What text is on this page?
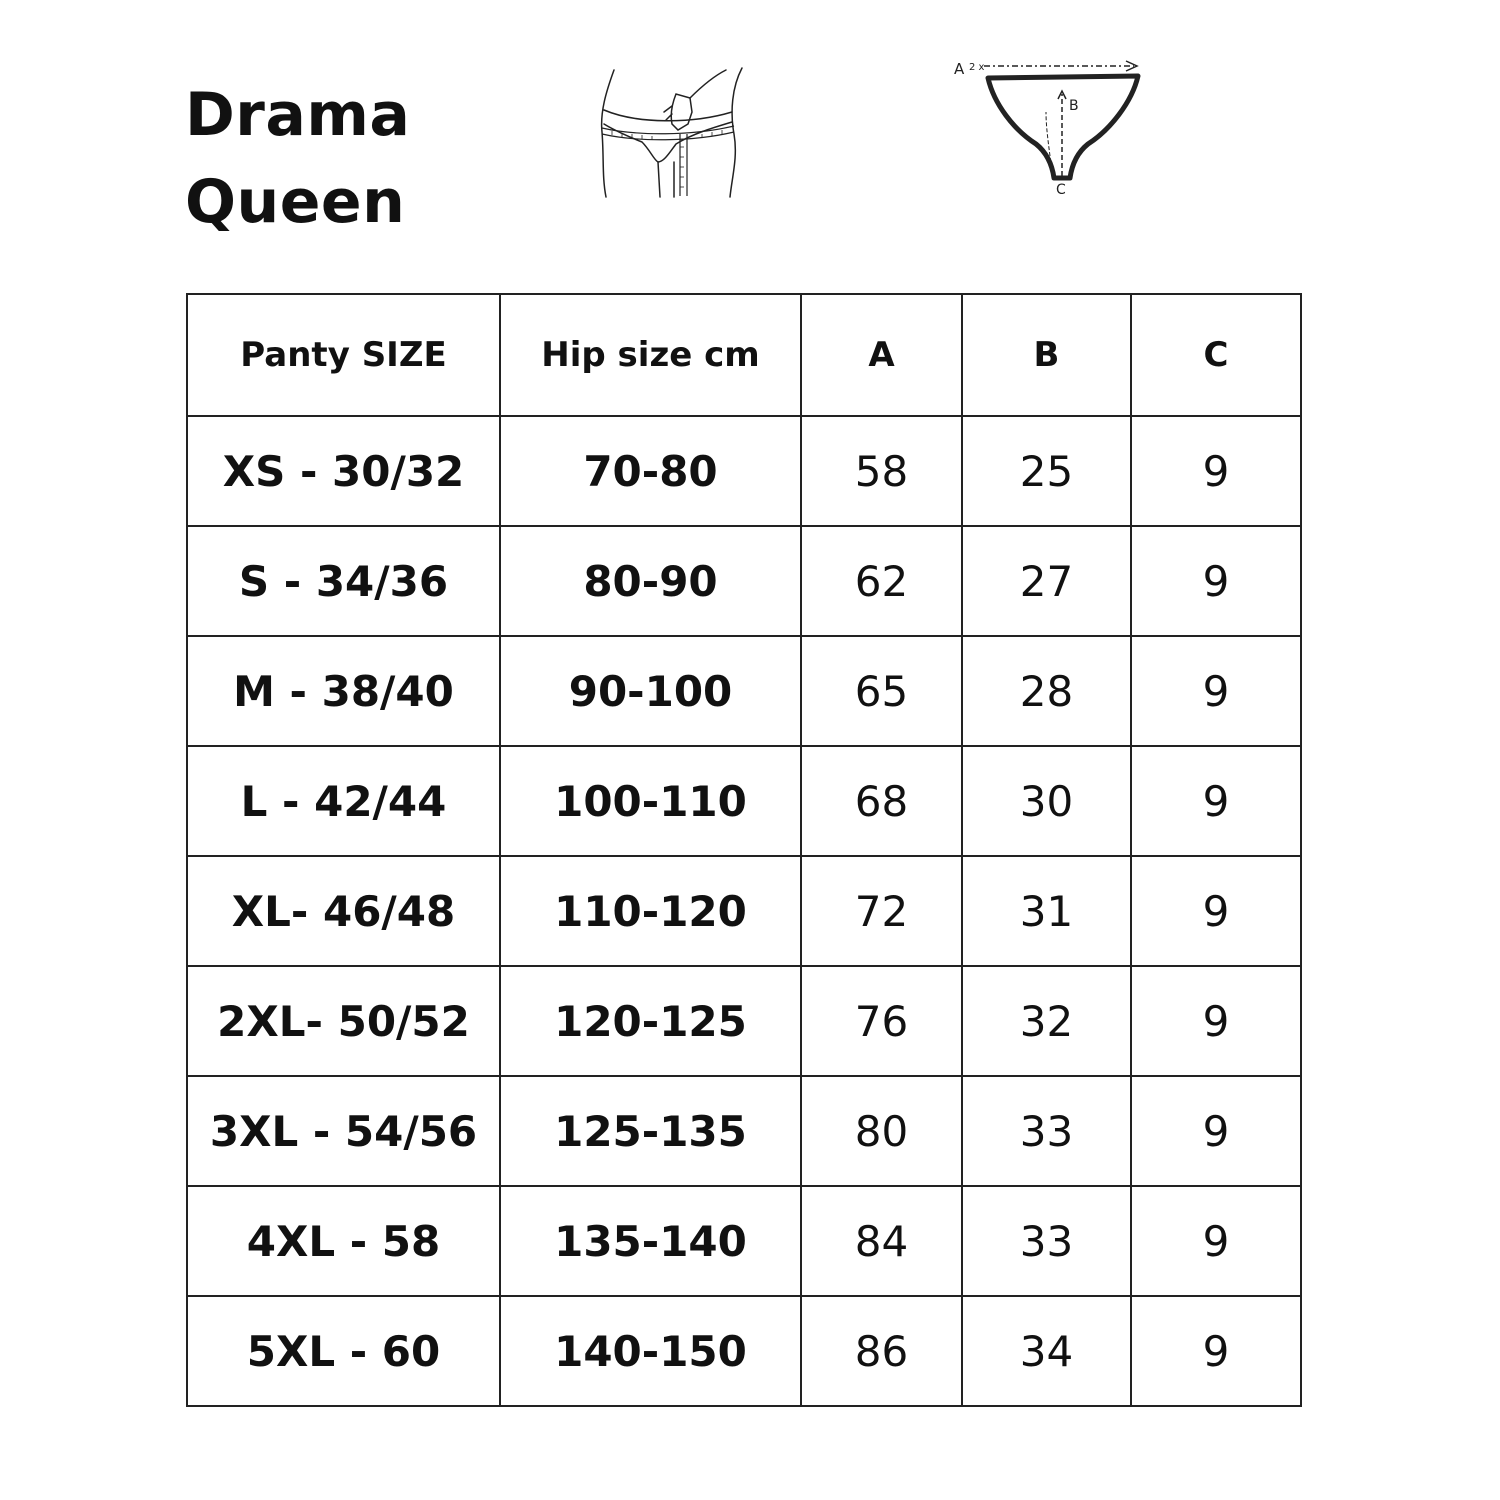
Drama
Queen
A 2 x
B
C
Panty SIZE	Hip size cm	A	B	C
XS - 30/32	70-80	58	25	9
S - 34/36	80-90	62	27	9
M - 38/40	90-100	65	28	9
L - 42/44	100-110	68	30	9
XL- 46/48	110-120	72	31	9
2XL- 50/52	120-125	76	32	9
3XL - 54/56	125-135	80	33	9
4XL - 58	135-140	84	33	9
5XL - 60	140-150	86	34	9
